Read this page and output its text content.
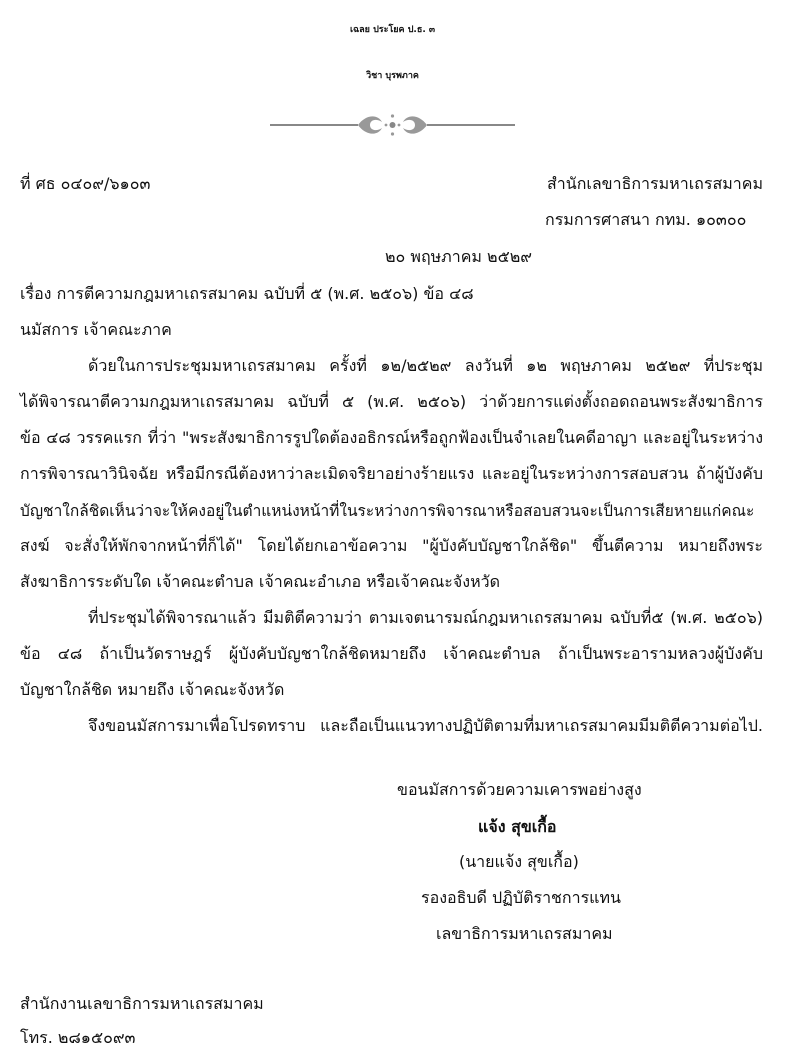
เฉลย ประโยค ป.ธ. ๓
วิชา บุรพภาค
ที่ ศธ ๐๔๐๙/๖๑๐๓	สำนักเลขาธิการมหาเถรสมาคม
กรมการศาสนา กทม. ๑๐๓๐๐
๒๐ พฤษภาคม ๒๕๒๙
เรื่อง การตีความกฎมหาเถรสมาคม ฉบับที่ ๕ (พ.ศ. ๒๕๐๖) ข้อ ๔๘
นมัสการ เจ้าคณะภาค
ด้วยในการประชุมมหาเถรสมาคม ครั้งที่ ๑๒/๒๕๒๙ ลงวันที่ ๑๒ พฤษภาคม ๒๕๒๙ ที่ประชุม
ได้พิจารณาตีความกฎมหาเถรสมาคม ฉบับที่ ๕ (พ.ศ. ๒๕๐๖) ว่าด้วยการแต่งตั้งถอดถอนพระสังฆาธิการ
ข้อ ๔๘ วรรคแรก ที่ว่า "พระสังฆาธิการรูปใดต้องอธิกรณ์หรือถูกฟ้องเป็นจำเลยในคดีอาญา และอยู่ในระหว่าง
การพิจารณาวินิจฉัย หรือมีกรณีต้องหาว่าละเมิดจริยาอย่างร้ายแรง และอยู่ในระหว่างการสอบสวน ถ้าผู้บังคับ
บัญชาใกล้ชิดเห็นว่าจะให้คงอยู่ในตำแหน่งหน้าที่ในระหว่างการพิจารณาหรือสอบสวนจะเป็นการเสียหายแก่คณะ
สงฆ์ จะสั่งให้พักจากหน้าที่ก็ได้" โดยได้ยกเอาข้อความ "ผู้บังคับบัญชาใกล้ชิด" ขึ้นตีความ หมายถึงพระ
สังฆาธิการระดับใด เจ้าคณะตำบล เจ้าคณะอำเภอ หรือเจ้าคณะจังหวัด
ที่ประชุมได้พิจารณาแล้ว มีมติตีความว่า ตามเจตนารมณ์กฎมหาเถรสมาคม ฉบับที่๕ (พ.ศ. ๒๕๐๖)
ข้อ ๔๘ ถ้าเป็นวัดราษฎร์ ผู้บังคับบัญชาใกล้ชิดหมายถึง เจ้าคณะตำบล ถ้าเป็นพระอารามหลวงผู้บังคับ
บัญชาใกล้ชิด หมายถึง เจ้าคณะจังหวัด
จึงขอนมัสการมาเพื่อโปรดทราบ และถือเป็นแนวทางปฏิบัติตามที่มหาเถรสมาคมมีมติตีความต่อไป.
ขอนมัสการด้วยความเคารพอย่างสูง
แจ้ง สุขเกื้อ
(นายแจ้ง สุขเกื้อ)
รองอธิบดี ปฏิบัติราชการแทน
เลขาธิการมหาเถรสมาคม
สำนักงานเลขาธิการมหาเถรสมาคม
โทร. ๒๘๑๕๐๙๓
